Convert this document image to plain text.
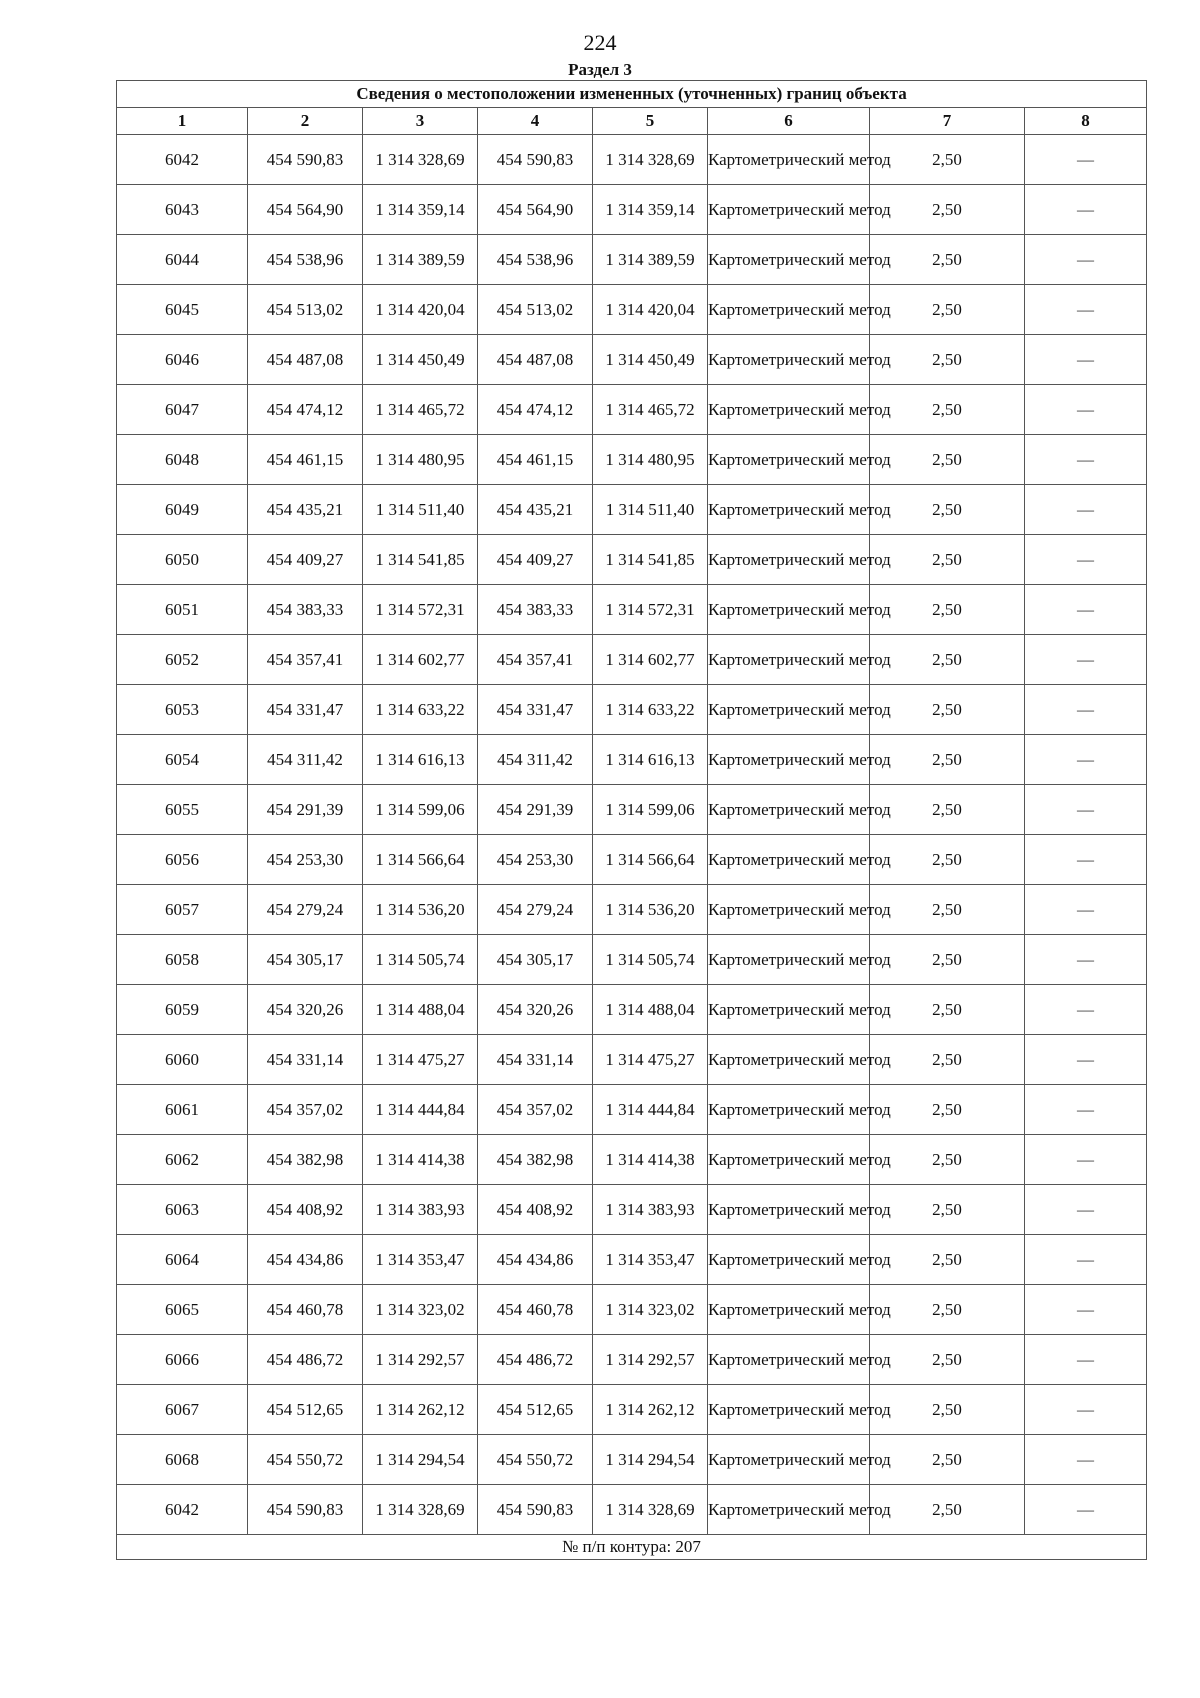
224
Раздел 3
Сведения о местоположении измененных (уточненных) границ объекта							
1	2	3	4	5	6	7	8
6042	454 590,83	1 314 328,69	454 590,83	1 314 328,69	Картометрический метод	2,50	—
6043	454 564,90	1 314 359,14	454 564,90	1 314 359,14	Картометрический метод	2,50	—
6044	454 538,96	1 314 389,59	454 538,96	1 314 389,59	Картометрический метод	2,50	—
6045	454 513,02	1 314 420,04	454 513,02	1 314 420,04	Картометрический метод	2,50	—
6046	454 487,08	1 314 450,49	454 487,08	1 314 450,49	Картометрический метод	2,50	—
6047	454 474,12	1 314 465,72	454 474,12	1 314 465,72	Картометрический метод	2,50	—
6048	454 461,15	1 314 480,95	454 461,15	1 314 480,95	Картометрический метод	2,50	—
6049	454 435,21	1 314 511,40	454 435,21	1 314 511,40	Картометрический метод	2,50	—
6050	454 409,27	1 314 541,85	454 409,27	1 314 541,85	Картометрический метод	2,50	—
6051	454 383,33	1 314 572,31	454 383,33	1 314 572,31	Картометрический метод	2,50	—
6052	454 357,41	1 314 602,77	454 357,41	1 314 602,77	Картометрический метод	2,50	—
6053	454 331,47	1 314 633,22	454 331,47	1 314 633,22	Картометрический метод	2,50	—
6054	454 311,42	1 314 616,13	454 311,42	1 314 616,13	Картометрический метод	2,50	—
6055	454 291,39	1 314 599,06	454 291,39	1 314 599,06	Картометрический метод	2,50	—
6056	454 253,30	1 314 566,64	454 253,30	1 314 566,64	Картометрический метод	2,50	—
6057	454 279,24	1 314 536,20	454 279,24	1 314 536,20	Картометрический метод	2,50	—
6058	454 305,17	1 314 505,74	454 305,17	1 314 505,74	Картометрический метод	2,50	—
6059	454 320,26	1 314 488,04	454 320,26	1 314 488,04	Картометрический метод	2,50	—
6060	454 331,14	1 314 475,27	454 331,14	1 314 475,27	Картометрический метод	2,50	—
6061	454 357,02	1 314 444,84	454 357,02	1 314 444,84	Картометрический метод	2,50	—
6062	454 382,98	1 314 414,38	454 382,98	1 314 414,38	Картометрический метод	2,50	—
6063	454 408,92	1 314 383,93	454 408,92	1 314 383,93	Картометрический метод	2,50	—
6064	454 434,86	1 314 353,47	454 434,86	1 314 353,47	Картометрический метод	2,50	—
6065	454 460,78	1 314 323,02	454 460,78	1 314 323,02	Картометрический метод	2,50	—
6066	454 486,72	1 314 292,57	454 486,72	1 314 292,57	Картометрический метод	2,50	—
6067	454 512,65	1 314 262,12	454 512,65	1 314 262,12	Картометрический метод	2,50	—
6068	454 550,72	1 314 294,54	454 550,72	1 314 294,54	Картометрический метод	2,50	—
6042	454 590,83	1 314 328,69	454 590,83	1 314 328,69	Картометрический метод	2,50	—
№ п/п контура: 207							
